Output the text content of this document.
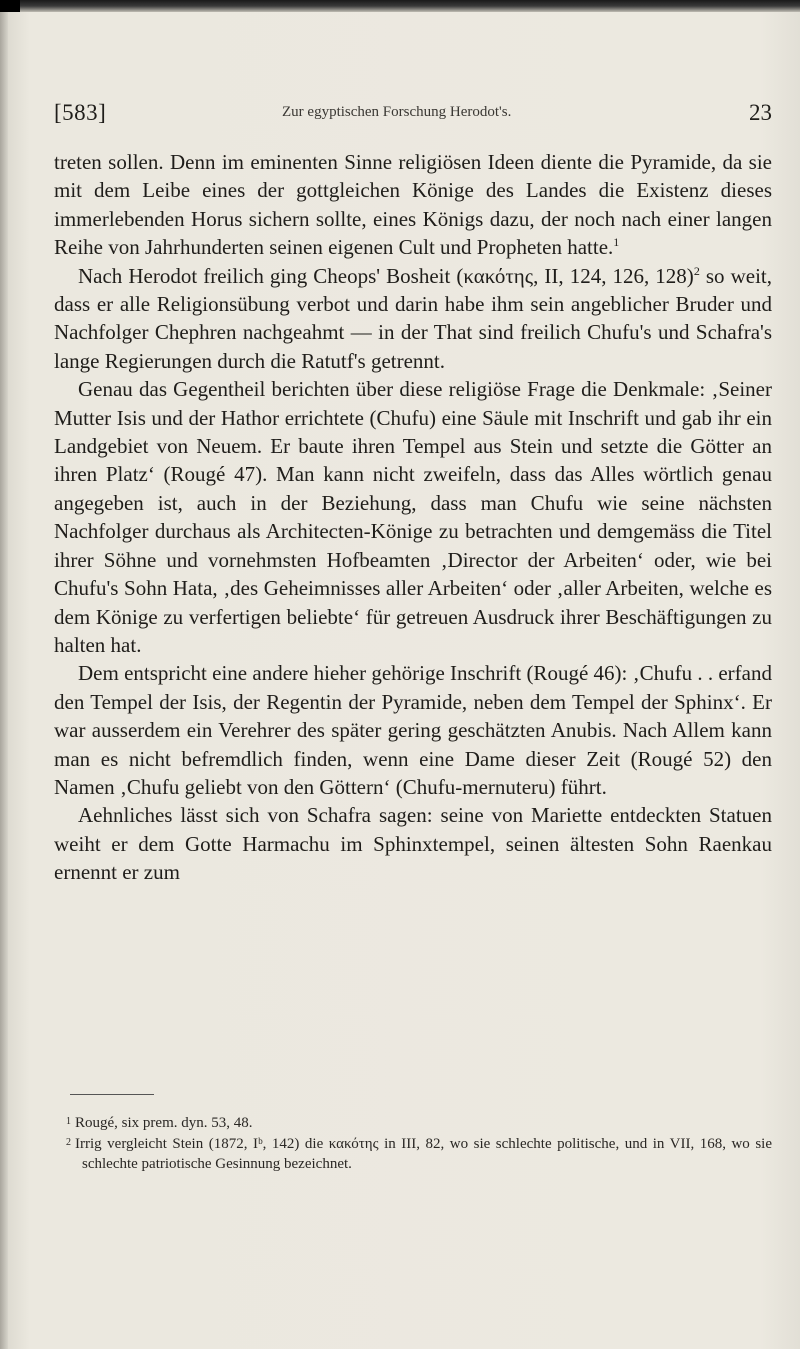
[583]	Zur egyptischen Forschung Herodot's.	23

treten sollen. Denn im eminenten Sinne religiösen Ideen diente die Pyramide, da sie mit dem Leibe eines der gottgleichen Könige des Landes die Existenz dieses immerlebenden Horus sichern sollte, eines Königs dazu, der noch nach einer langen Reihe von Jahrhunderten seinen eigenen Cult und Propheten hatte.$^1$

Nach Herodot freilich ging Cheops' Bosheit (κακότης, II, 124, 126, 128)$^2$ so weit, dass er alle Religionsübung verbot und darin habe ihm sein angeblicher Bruder und Nachfolger Chephren nachgeahmt — in der That sind freilich Chufu's und Schafra's lange Regierungen durch die Ratutf's getrennt.

Genau das Gegentheil berichten über diese religiöse Frage die Denkmale: ‚Seiner Mutter Isis und der Hathor errichtete (Chufu) eine Säule mit Inschrift und gab ihr ein Landgebiet von Neuem. Er baute ihren Tempel aus Stein und setzte die Götter an ihren Platz‘ (Rougé 47). Man kann nicht zweifeln, dass das Alles wörtlich genau angegeben ist, auch in der Beziehung, dass man Chufu wie seine nächsten Nachfolger durchaus als Architecten-Könige zu betrachten und demgemäss die Titel ihrer Söhne und vornehmsten Hofbeamten ‚Director der Arbeiten‘ oder, wie bei Chufu's Sohn Hata, ‚des Geheimnisses aller Arbeiten‘ oder ‚aller Arbeiten, welche es dem Könige zu verfertigen beliebte‘ für getreuen Ausdruck ihrer Beschäftigungen zu halten hat.

Dem entspricht eine andere hieher gehörige Inschrift (Rougé 46): ‚Chufu . . erfand den Tempel der Isis, der Regentin der Pyramide, neben dem Tempel der Sphinx‘. Er war ausserdem ein Verehrer des später gering geschätzten Anubis. Nach Allem kann man es nicht befremdlich finden, wenn eine Dame dieser Zeit (Rougé 52) den Namen ‚Chufu geliebt von den Göttern‘ (Chufu-mernuteru) führt.

Aehnliches lässt sich von Schafra sagen: seine von Mariette entdeckten Statuen weiht er dem Gotte Harmachu im Sphinxtempel, seinen ältesten Sohn Raenkau ernennt er zum

$^1$ Rougé, six prem. dyn. 53, 48.

$^2$ Irrig vergleicht Stein (1872, Iᵇ, 142) die κακότης in III, 82, wo sie schlechte politische, und in VII, 168, wo sie schlechte patriotische Gesinnung bezeichnet.
